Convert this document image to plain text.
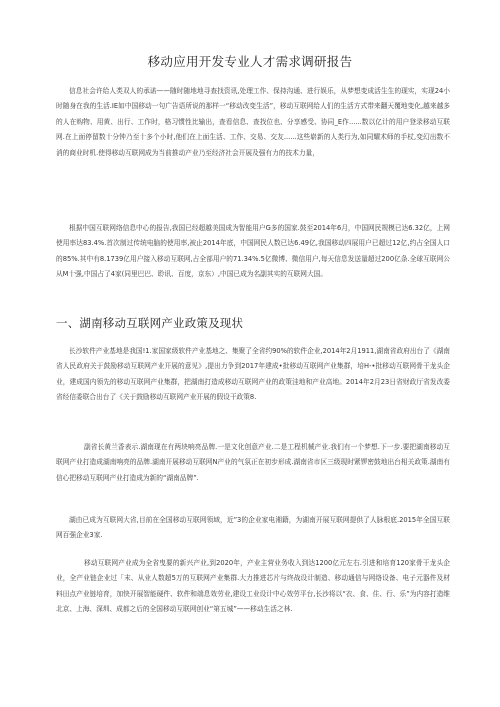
移动应用开发专业人才需求调研报告
信息社会许给人类双人的承诺——随时随地地寻查找资讯,处理工作、保持沟通、进行娱乐，从梦想变成活生生的现实，实现24小时随身在我的生活.IE如中国移动一句广告语所说的那样一“移动改变生活”，移动互联网给人们的生活方式带来翻天覆地变化,越来越多的人在购物、用黄、出行、工作时，格习惯性比输出，查看信息、查找位也、分享感受、协同_E作......数以亿计的用户登录移动互联网.在上面停留数十分钟乃至十多个小时,他们在上面生活、工作、交易、交友......这些崭新的人类行为,如同耀术师的手杖,变幻出数不消的商业时机.使得移动互联网成为当前推动产业乃至经济社会开展及强有力的技术力量，
根据中国互联网络信息中心的报告,我国已经超越美国成为智能用户G多的国家.鼓至2014年6月，中国网民规模已达6.32亿，上网使用率达83.4%.首次制过传统电脑的使用率,被止2014年底，中国网民人数已达6.49亿,我国移动四展用户已超过12亿,约占全国人口的85%.其中有8.1739亿用户接入移动互联网,占全部用户的71.34%.5亿微博、微信用户,每天信息发送量超过200亿条.全球互联网公从M十强,中国占了4家(同里巴巴、聆讯、百度，京东）,中国已成为名副其实的互联网大国。
一、湖南移动互联网产业政策及现状
长沙软件产业基地是我国!1.家国家级软件产业基地之、集聚了全省约90%的软件企业,2014年2月1911,湖南省政府出台了《湖南省人民政府关于鼓励移动互联网产业开展的意见》,提出力争到2017年建成•批移动互联网产业集群，培H-•批移动互联网骨干龙头企业，建成国内领先的移动互联网产业集群，把湖南打造成移动互联网产业的政策洼地和产业高地。2014年2月23日省财政厅省发改委省经信委联合出台了《关于鼓励移动互联网产业开展的假设干政策8.
副省长黄兰香表示.湖南现在有两块响亮品牌.一是文化创意产业.二是工程机械产业.我们有一个梦想.下一步.要把湖南移动互联网产业打造成湖南响亮的品牌.湖南开展移动互联网N产业的气氛正在初步形成.湖南省市区三级现时紧锣密鼓地出台相关政策.湖南有信心把移动互联网产业打造成为新的“湖南品牌”.
湖由已成为互联网大省,目前在全国移动互联网领域，近”3的企业家电湘籍，为湖南开展互联网提供了人脉根底.2015年全国互联网百强企业3家.
移动互联网产业成为全省曳要的新兴产业,到2020年，产业主营业务收入到达1200亿元左右.引进和培育120家骨干龙头企业，全产业链企业过「末、从业人数超5万的互联网产业集群.大力推进芯片与终战设计制造、移动通信与网络设备、电子元器件及材料田点产业链培育，加快开展智能硬件、软件和端息效劳业,建设工业设计中心效劳平台,长沙将以“衣、食、住、行、乐”为内容打造维北京、上海、深圳、成都之后的全国移动互联网创业“第五城”——移动生活之林.
